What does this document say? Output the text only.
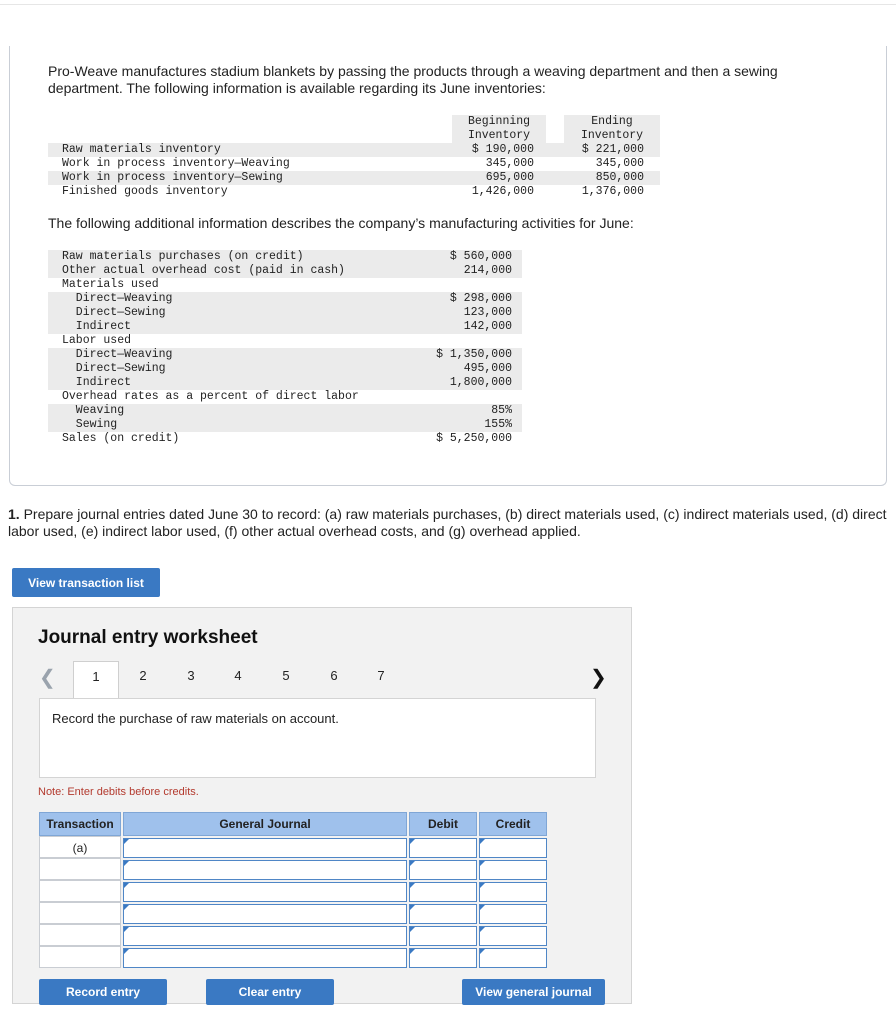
Pro-Weave manufactures stadium blankets by passing the products through a weaving department and then a sewing department. The following information is available regarding its June inventories:

Beginning
Inventory
Ending
Inventory
Raw materials inventory	$ 190,000	$ 221,000
Work in process inventory—Weaving	345,000	345,000
Work in process inventory—Sewing	695,000	850,000
Finished goods inventory	1,426,000	1,376,000

The following additional information describes the company’s manufacturing activities for June:

Raw materials purchases (on credit)	$ 560,000
Other actual overhead cost (paid in cash)	214,000
Materials used
Direct—Weaving	$ 298,000
Direct—Sewing	123,000
Indirect	142,000
Labor used
Direct—Weaving	$ 1,350,000
Direct—Sewing	495,000
Indirect	1,800,000
Overhead rates as a percent of direct labor
Weaving	85%
Sewing	155%
Sales (on credit)	$ 5,250,000

1. Prepare journal entries dated June 30 to record: (a) raw materials purchases, (b) direct materials used, (c) indirect materials used, (d) direct labor used, (e) indirect labor used, (f) other actual overhead costs, and (g) overhead applied.

View transaction list
Journal entry worksheet
❮	1	2	3	4	5	6	7	❯
Record the purchase of raw materials on account.
Note: Enter debits before credits.
Transaction	General Journal	Debit	Credit
(a)
Record entry	Clear entry	View general journal
